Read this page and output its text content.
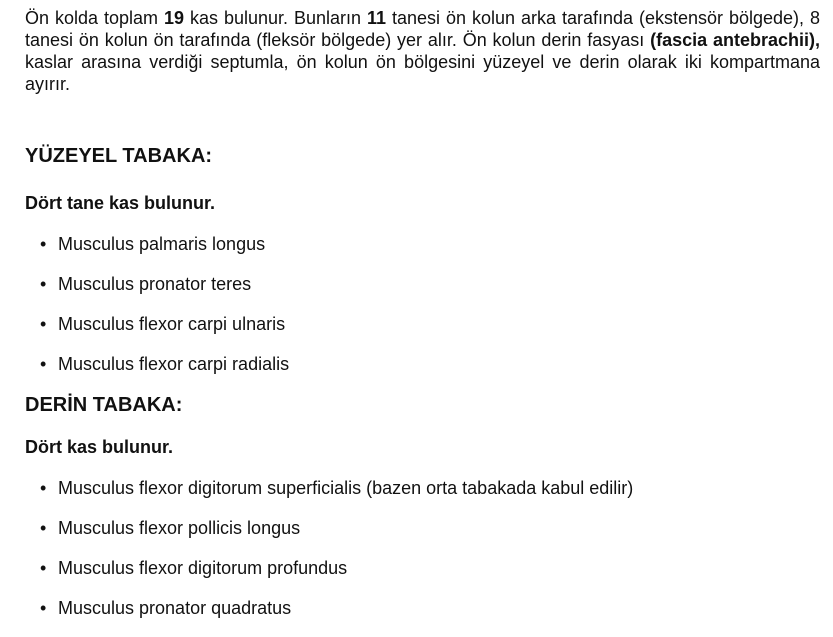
Ön kolda toplam 19 kas bulunur. Bunların 11 tanesi ön kolun arka tarafında (ekstensör bölgede), 8 tanesi ön kolun ön tarafında (fleksör bölgede) yer alır. Ön kolun derin fasyası (fascia antebrachii), kaslar arasına verdiği septumla, ön kolun ön bölgesini yüzeyel ve derin olarak iki kompartmana ayırır.

YÜZEYEL TABAKA:
Dört tane kas bulunur.
• Musculus palmaris longus
• Musculus pronator teres
• Musculus flexor carpi ulnaris
• Musculus flexor carpi radialis
DERİN TABAKA:
Dört kas bulunur.
• Musculus flexor digitorum superficialis (bazen orta tabakada kabul edilir)
• Musculus flexor pollicis longus
• Musculus flexor digitorum profundus
• Musculus pronator quadratus
